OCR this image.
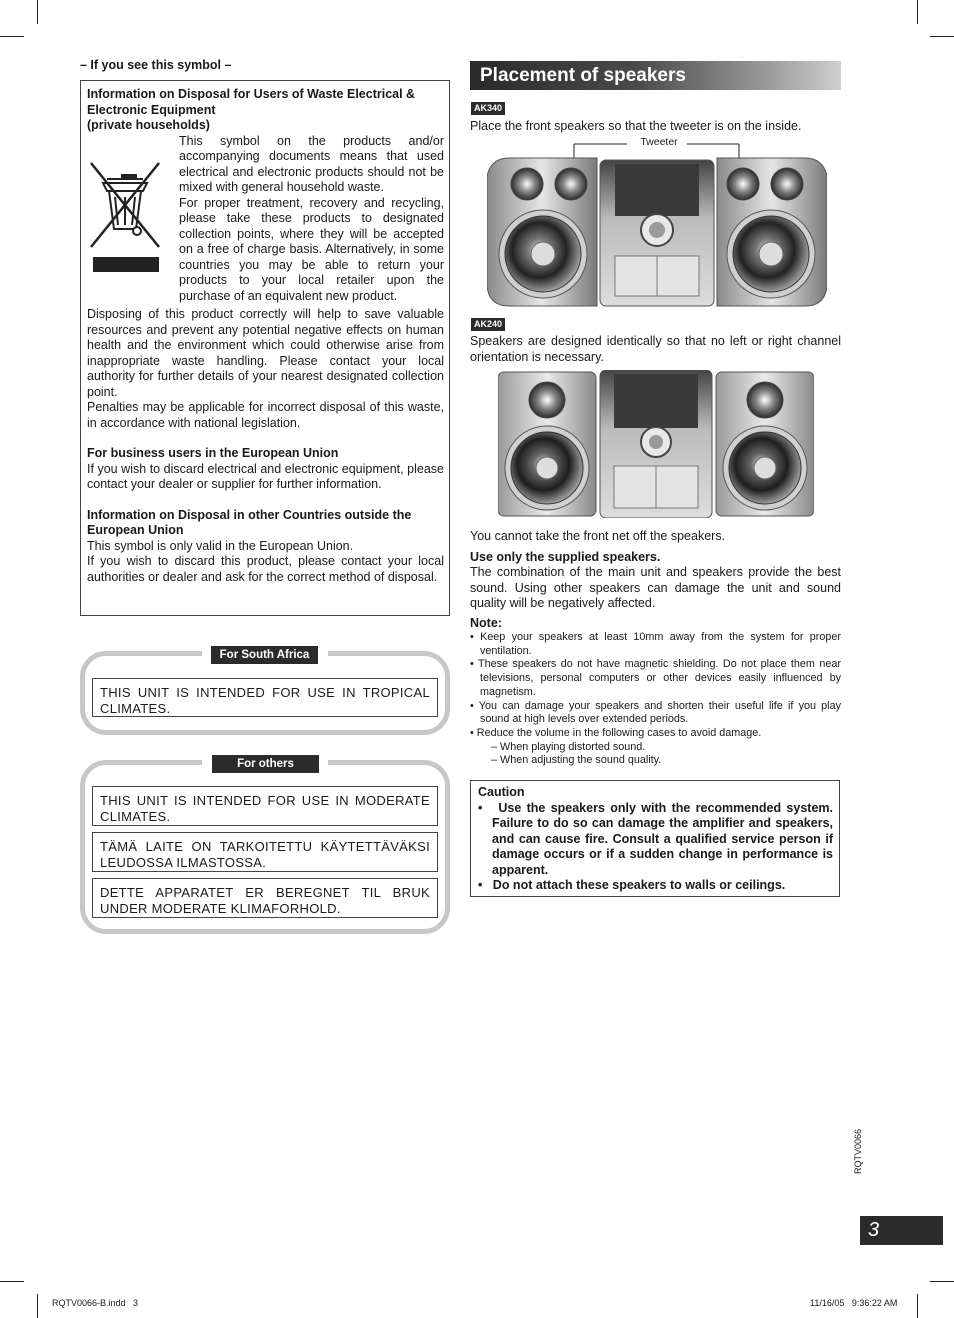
– If you see this symbol –

Information on Disposal for Users of Waste Electrical &

Electronic Equipment

(private households)

This symbol on the products and/or accompanying documents means that used electrical and electronic products should not be mixed with general household waste.

For proper treatment, recovery and recycling, please take these products to designated collection points, where they will be accepted on a free of charge basis. Alternatively, in some countries you may be able to return your products to your local retailer upon the purchase of an equivalent new product.

Disposing of this product correctly will help to save valuable resources and prevent any potential negative effects on human health and the environment which could otherwise arise from inappropriate waste handling. Please contact your local authority for further details of your nearest designated collection point.

Penalties may be applicable for incorrect disposal of this waste, in accordance with national legislation.

For business users in the European Union

If you wish to discard electrical and electronic equipment, please contact your dealer or supplier for further information.

Information on Disposal in other Countries outside the

European Union

This symbol is only valid in the European Union.

If you wish to discard this product, please contact your local authorities or dealer and ask for the correct method of disposal.

For South Africa
THIS UNIT IS INTENDED FOR USE IN TROPICAL CLIMATES.
For others
THIS UNIT IS INTENDED FOR USE IN MODERATE CLIMATES.
TÄMÄ LAITE ON TARKOITETTU KÄYTETTÄVÄKSI LEUDOSSA ILMASTOSSA.
DETTE APPARATET ER BEREGNET TIL BRUK UNDER MODERATE KLIMAFORHOLD.
Placement of speakers
AK340
Place the front speakers so that the tweeter is on the inside.
Tweeter
AK240
Speakers are designed identically so that no left or right channel orientation is necessary.
You cannot take the front net off the speakers.
Use only the supplied speakers.
The combination of the main unit and speakers provide the best sound. Using other speakers can damage the unit and sound quality will be negatively affected.
Note:
• Keep your speakers at least 10mm away from the system for proper ventilation.
• These speakers do not have magnetic shielding. Do not place them near televisions, personal computers or other devices easily influenced by magnetism.
• You can damage your speakers and shorten their useful life if you play sound at high levels over extended periods.
• Reduce the volume in the following cases to avoid damage.
– When playing distorted sound.
– When adjusting the sound quality.
Caution
•   Use the speakers only with the recommended system. Failure to do so can damage the amplifier and speakers, and can cause fire. Consult a qualified service person if damage occurs or if a sudden change in performance is apparent.
•   Do not attach these speakers to walls or ceilings.
RQTV0066
3
RQTV0066-B.indd   3	11/16/05   9:36:22 AM
